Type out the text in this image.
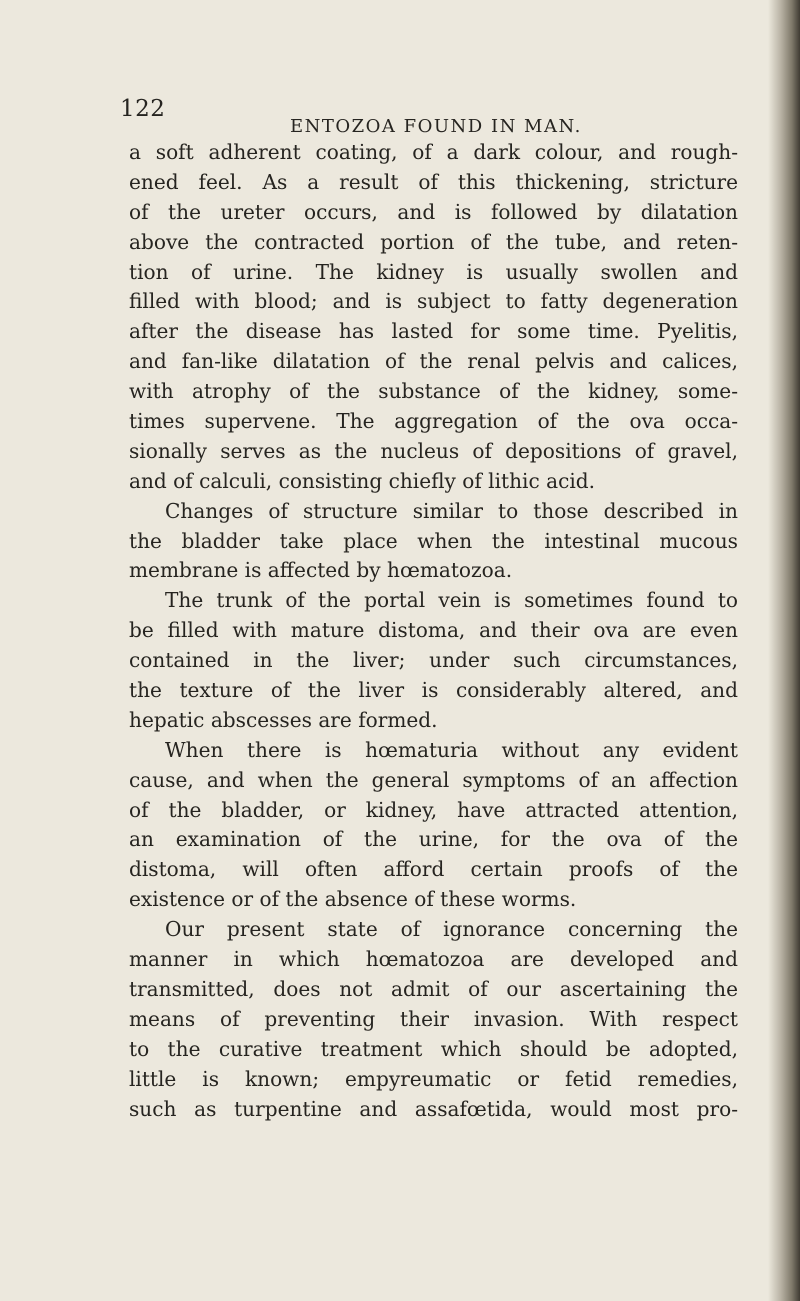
122
ENTOZOA FOUND IN MAN.
a soft adherent coating, of a dark colour, and rough-
ened feel. As a result of this thickening, stricture
of the ureter occurs, and is followed by dilatation
above the contracted portion of the tube, and reten-
tion of urine. The kidney is usually swollen and
filled with blood; and is subject to fatty degeneration
after the disease has lasted for some time. Pyelitis,
and fan-like dilatation of the renal pelvis and calices,
with atrophy of the substance of the kidney, some-
times supervene. The aggregation of the ova occa-
sionally serves as the nucleus of depositions of gravel,
and of calculi, consisting chiefly of lithic acid.
Changes of structure similar to those described in
the bladder take place when the intestinal mucous
membrane is affected by hœmatozoa.
The trunk of the portal vein is sometimes found to
be filled with mature distoma, and their ova are even
contained in the liver; under such circumstances,
the texture of the liver is considerably altered, and
hepatic abscesses are formed.
When there is hœmaturia without any evident
cause, and when the general symptoms of an affection
of the bladder, or kidney, have attracted attention,
an examination of the urine, for the ova of the
distoma, will often afford certain proofs of the
existence or of the absence of these worms.
Our present state of ignorance concerning the
manner in which hœmatozoa are developed and
transmitted, does not admit of our ascertaining the
means of preventing their invasion. With respect
to the curative treatment which should be adopted,
little is known; empyreumatic or fetid remedies,
such as turpentine and assafœtida, would most pro-
